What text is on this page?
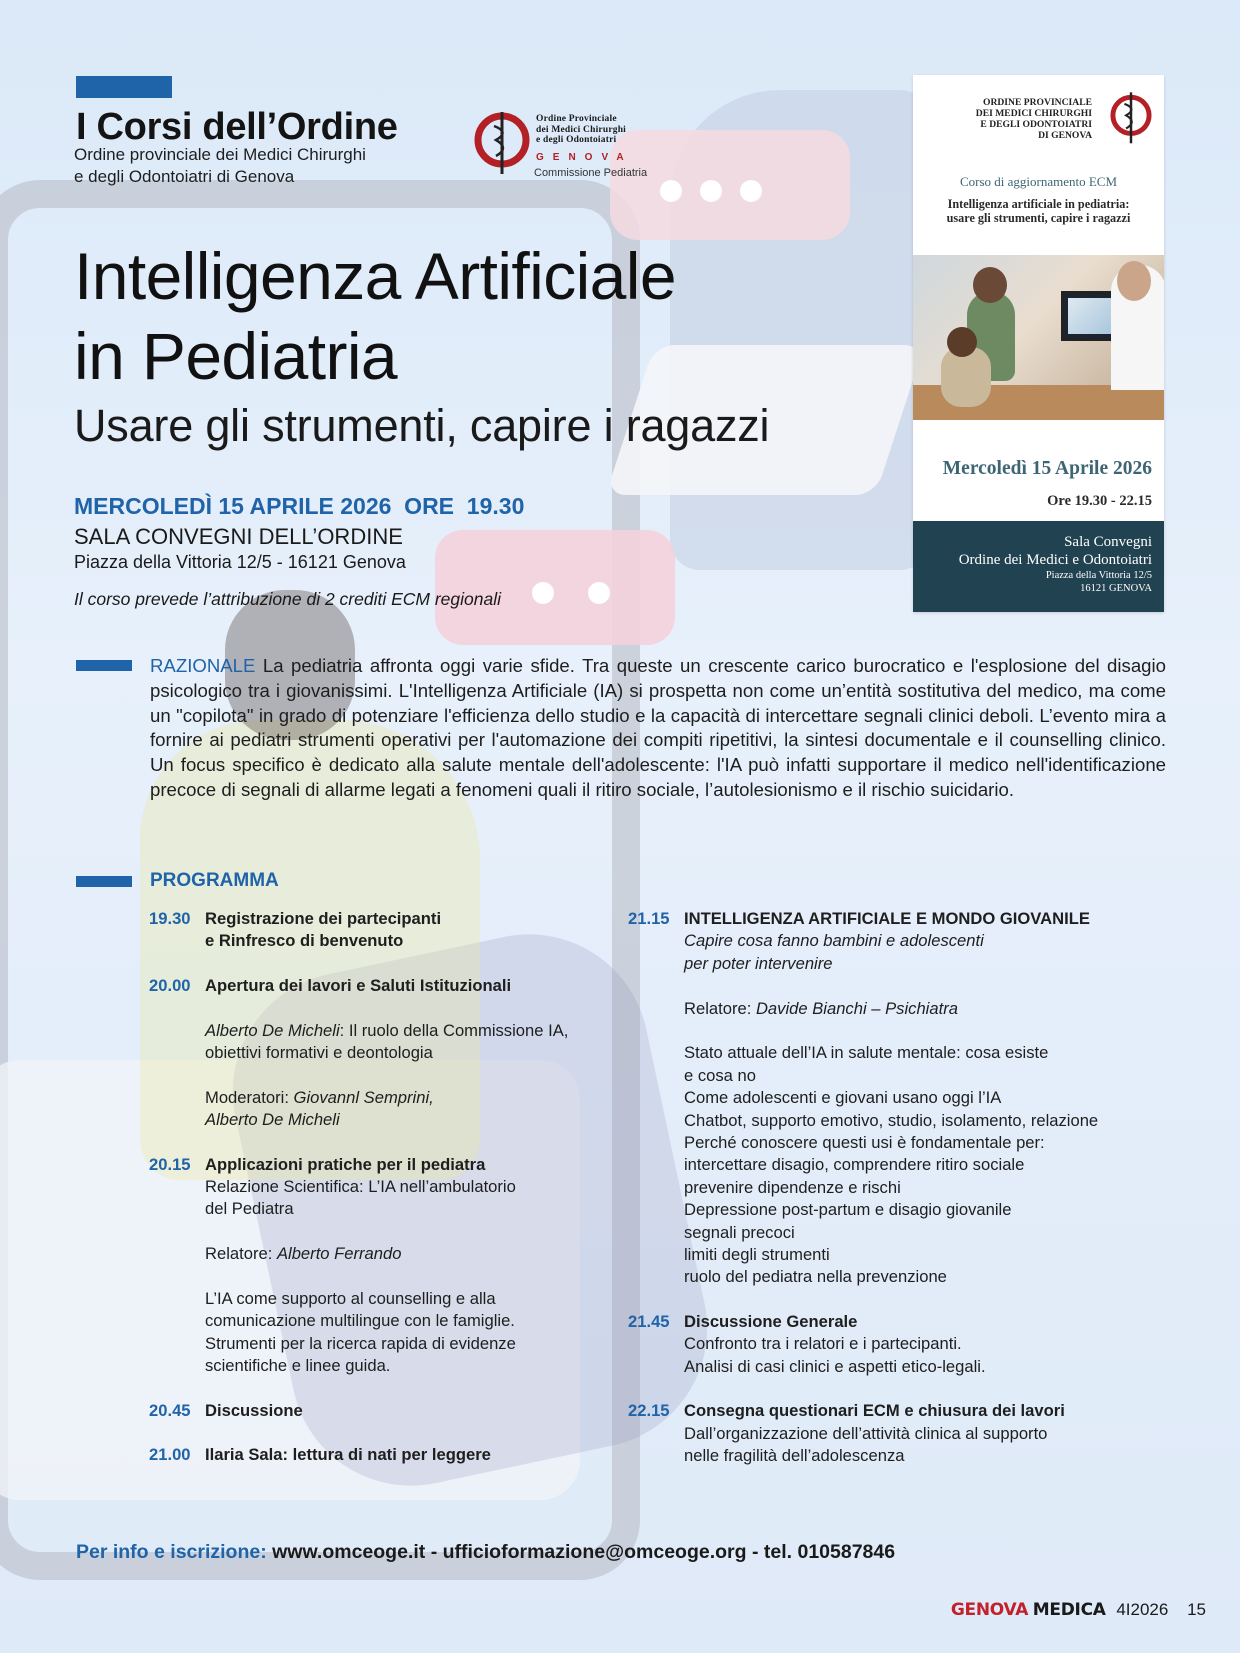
I Corsi dell’Ordine
Ordine provinciale dei Medici Chirurghi
e degli Odontoiatri di Genova
Ordine Provinciale
dei Medici Chirurghi
e degli Odontoiatri
GENOVA
Commissione Pediatria
Intelligenza Artificiale
in Pediatria
Usare gli strumenti, capire i ragazzi
MERCOLEDÌ 15 APRILE 2026  ORE  19.30
SALA CONVEGNI DELL’ORDINE
Piazza della Vittoria 12/5 - 16121 Genova
Il corso prevede l’attribuzione di 2 crediti ECM regionali
ORDINE PROVINCIALE
DEI MEDICI CHIRURGHI
E DEGLI ODONTOIATRI
DI GENOVA
Corso di aggiornamento ECM
Intelligenza artificiale in pediatria:
usare gli strumenti, capire i ragazzi
Mercoledì 15 Aprile 2026
Ore 19.30 - 22.15
Sala Convegni
Ordine dei Medici e Odontoiatri
Piazza della Vittoria 12/5
16121 GENOVA
RAZIONALE La pediatria affronta oggi varie sfide. Tra queste un crescente carico burocratico e l'esplosione del disagio psicologico tra i giovanissimi. L'Intelligenza Artificiale (IA) si prospetta non come un’entità sostitutiva del medico, ma come un "copilota" in grado di potenziare l'efficienza dello studio e la capacità di intercettare segnali clinici deboli. L’evento mira a fornire ai pediatri strumenti operativi per l'automazione dei compiti ripetitivi, la sintesi documentale e il counselling clinico. Un focus specifico è dedicato alla salute mentale dell'adolescente: l'IA può infatti supportare il medico nell'identificazione precoce di segnali di allarme legati a fenomeni quali il ritiro sociale, l’autolesionismo e il rischio suicidario.
PROGRAMMA
19.30 Registrazione dei partecipanti
e Rinfresco di benvenuto
20.00 Apertura dei lavori e Saluti Istituzionali
Alberto De Micheli: Il ruolo della Commissione IA,
obiettivi formativi e deontologia
Moderatori: Giovannl Semprini,
Alberto De Micheli
20.15 Applicazioni pratiche per il pediatra
Relazione Scientifica: L’IA nell’ambulatorio
del Pediatra
Relatore: Alberto Ferrando
L’IA come supporto al counselling e alla
comunicazione multilingue con le famiglie.
Strumenti per la ricerca rapida di evidenze
scientifiche e linee guida.
20.45 Discussione
21.00 Ilaria Sala: lettura di nati per leggere
21.15 INTELLIGENZA ARTIFICIALE E MONDO GIOVANILE
Capire cosa fanno bambini e adolescenti
per poter intervenire
Relatore: Davide Bianchi – Psichiatra
Stato attuale dell’IA in salute mentale: cosa esiste
e cosa no
Come adolescenti e giovani usano oggi l’IA
Chatbot, supporto emotivo, studio, isolamento, relazione
Perché conoscere questi usi è fondamentale per:
intercettare disagio, comprendere ritiro sociale
prevenire dipendenze e rischi
Depressione post-partum e disagio giovanile
segnali precoci
limiti degli strumenti
ruolo del pediatra nella prevenzione
21.45 Discussione Generale
Confronto tra i relatori e i partecipanti.
Analisi di casi clinici e aspetti etico-legali.
22.15 Consegna questionari ECM e chiusura dei lavori
Dall’organizzazione dell’attività clinica al supporto
nelle fragilità dell’adolescenza
Per info e iscrizione: www.omceoge.it - ufficioformazione@omceoge.org - tel. 010587846
GENOVA MEDICA 4I2026 15
